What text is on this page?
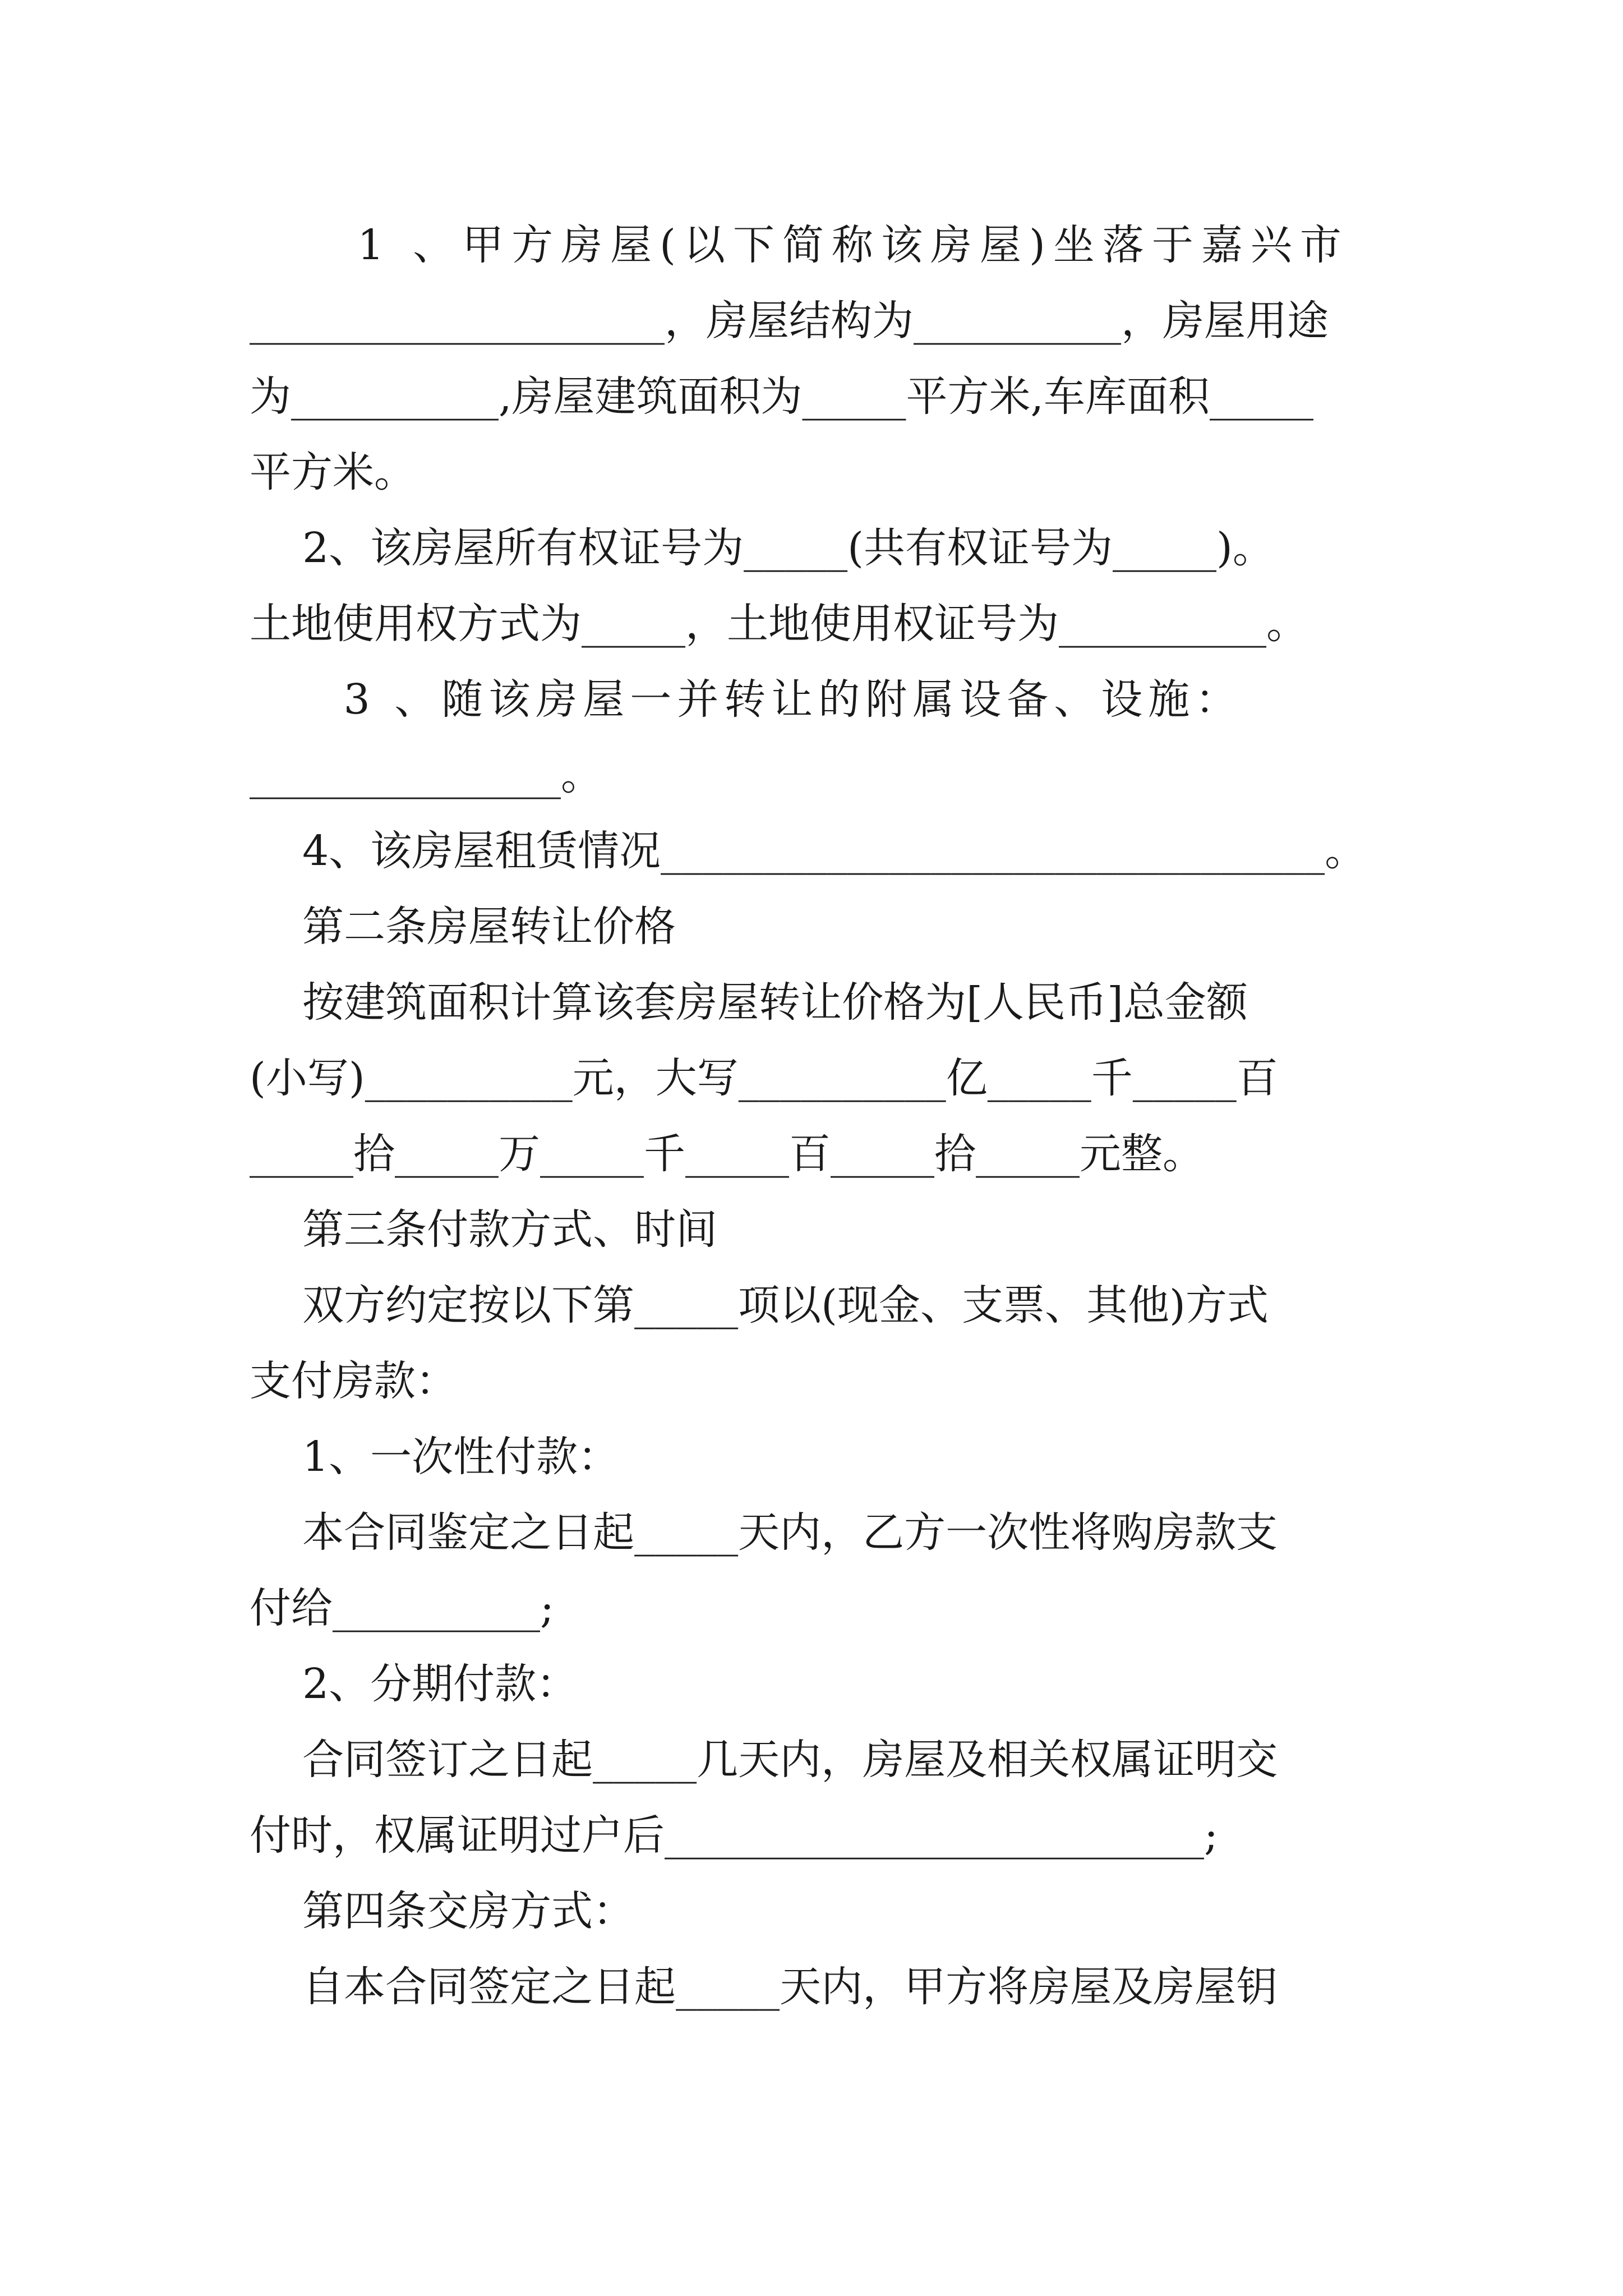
1 、甲方房屋(以下简称该房屋)坐落于嘉兴市
____________________，房屋结构为__________，房屋用途
为__________,房屋建筑面积为_____平方米,车库面积_____
平方米。
2、该房屋所有权证号为_____(共有权证号为_____)。
土地使用权方式为_____，土地使用权证号为__________。
3 、随该房屋一并转让的附属设备、设施：
_______________。
4、该房屋租赁情况________________________________。
第二条房屋转让价格
按建筑面积计算该套房屋转让价格为[人民币]总金额
(小写)__________元，大写__________亿_____千_____百
_____拾_____万_____千_____百_____拾_____元整。
第三条付款方式、时间
双方约定按以下第_____项以(现金、支票、其他)方式
支付房款：
1、一次性付款：
本合同鉴定之日起_____天内，乙方一次性将购房款支
付给__________;
2、分期付款：
合同签订之日起_____几天内，房屋及相关权属证明交
付时，权属证明过户后__________________________;
第四条交房方式：
自本合同签定之日起_____天内，甲方将房屋及房屋钥
